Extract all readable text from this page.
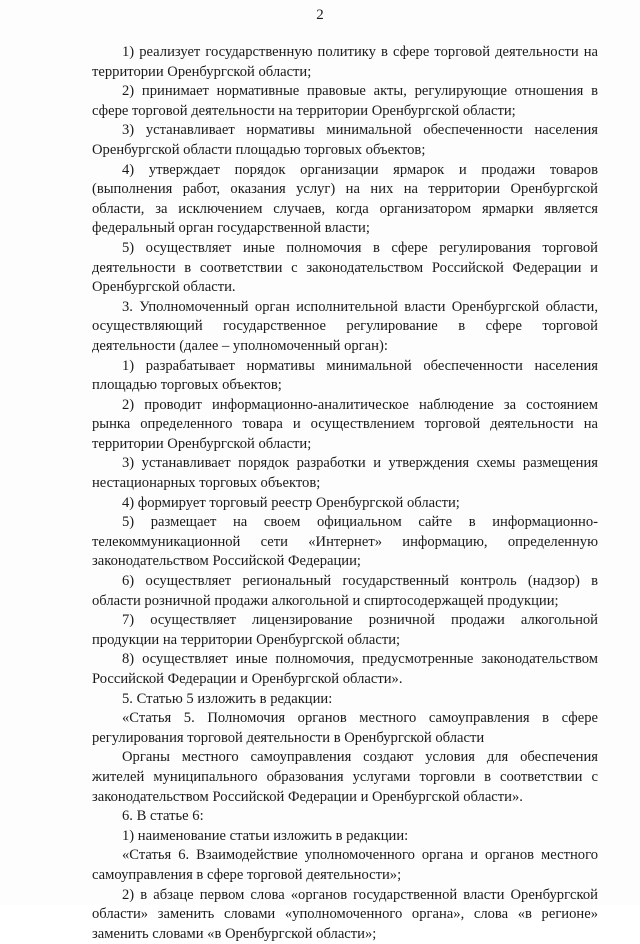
2

1) реализует государственную политику в сфере торговой деятельности на территории Оренбургской области;

2) принимает нормативные правовые акты, регулирующие отношения в сфере торговой деятельности на территории Оренбургской области;

3) устанавливает нормативы минимальной обеспеченности населения Оренбургской области площадью торговых объектов;

4) утверждает порядок организации ярмарок и продажи товаров (выполнения работ, оказания услуг) на них на территории Оренбургской области, за исключением случаев, когда организатором ярмарки является федеральный орган государственной власти;

5) осуществляет иные полномочия в сфере регулирования торговой деятельности в соответствии с законодательством Российской Федерации и Оренбургской области.

3. Уполномоченный орган исполнительной власти Оренбургской области, осуществляющий государственное регулирование в сфере торговой деятельности (далее – уполномоченный орган):

1) разрабатывает нормативы минимальной обеспеченности населения площадью торговых объектов;

2) проводит информационно-аналитическое наблюдение за состоянием рынка определенного товара и осуществлением торговой деятельности на территории Оренбургской области;

3) устанавливает порядок разработки и утверждения схемы размещения нестационарных торговых объектов;

4) формирует торговый реестр Оренбургской области;

5) размещает на своем официальном сайте в информационно-телекоммуникационной сети «Интернет» информацию, определенную законодательством Российской Федерации;

6) осуществляет региональный государственный контроль (надзор) в области розничной продажи алкогольной и спиртосодержащей продукции;

7) осуществляет лицензирование розничной продажи алкогольной продукции на территории Оренбургской области;

8) осуществляет иные полномочия, предусмотренные законодательством Российской Федерации и Оренбургской области».

5. Статью 5 изложить в редакции:

«Статья 5. Полномочия органов местного самоуправления в сфере регулирования торговой деятельности в Оренбургской области

Органы местного самоуправления создают условия для обеспечения жителей муниципального образования услугами торговли в соответствии с законодательством Российской Федерации и Оренбургской области».

6. В статье 6:

1) наименование статьи изложить в редакции:

«Статья 6. Взаимодействие уполномоченного органа и органов местного самоуправления в сфере торговой деятельности»;

2) в абзаце первом слова «органов государственной власти Оренбургской области» заменить словами «уполномоченного органа», слова «в регионе» заменить словами «в Оренбургской области»;
